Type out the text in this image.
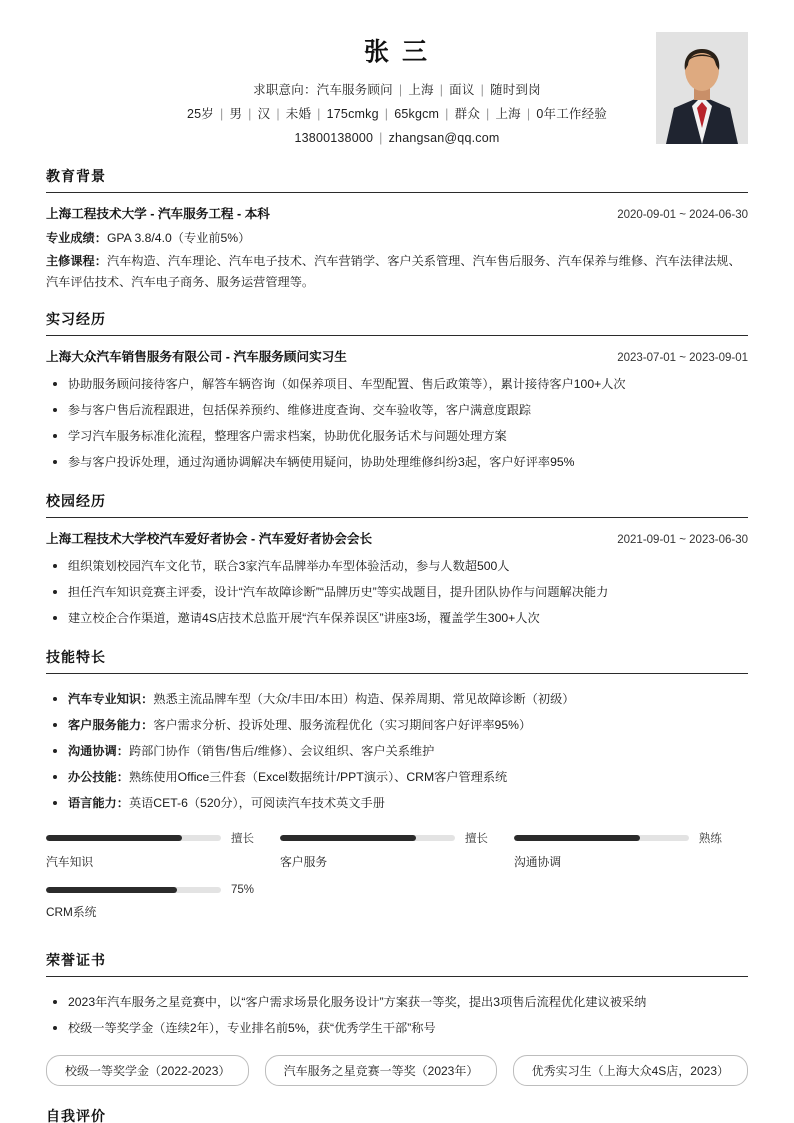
张 三
求职意向：汽车服务顾问 | 上海 | 面议 | 随时到岗
25岁 | 男 | 汉 | 未婚 | 175cmkg | 65kgcm | 群众 | 上海 | 0年工作经验
13800138000 | zhangsan@qq.com
教育背景
上海工程技术大学 - 汽车服务工程 - 本科	2020-09-01 ~ 2024-06-30
专业成绩：GPA 3.8/4.0（专业前5%）
主修课程：汽车构造、汽车理论、汽车电子技术、汽车营销学、客户关系管理、汽车售后服务、汽车保养与维修、汽车法律法规、汽车评估技术、汽车电子商务、服务运营管理等。
实习经历
上海大众汽车销售服务有限公司 - 汽车服务顾问实习生	2023-07-01 ~ 2023-09-01
协助服务顾问接待客户，解答车辆咨询（如保养项目、车型配置、售后政策等），累计接待客户100+人次
参与客户售后流程跟进，包括保养预约、维修进度查询、交车验收等，客户满意度跟踪
学习汽车服务标准化流程，整理客户需求档案，协助优化服务话术与问题处理方案
参与客户投诉处理，通过沟通协调解决车辆使用疑问，协助处理维修纠纷3起，客户好评率95%
校园经历
上海工程技术大学校汽车爱好者协会 - 汽车爱好者协会会长	2021-09-01 ~ 2023-06-30
组织策划校园汽车文化节，联合3家汽车品牌举办车型体验活动，参与人数超500人
担任汽车知识竞赛主评委，设计“汽车故障诊断”“品牌历史”等实战题目，提升团队协作与问题解决能力
建立校企合作渠道，邀请4S店技术总监开展“汽车保养误区”讲座3场，覆盖学生300+人次
技能特长
汽车专业知识：熟悉主流品牌车型（大众/丰田/本田）构造、保养周期、常见故障诊断（初级）
客户服务能力：客户需求分析、投诉处理、服务流程优化（实习期间客户好评率95%）
沟通协调：跨部门协作（销售/售后/维修）、会议组织、客户关系维护
办公技能：熟练使用Office三件套（Excel数据统计/PPT演示）、CRM客户管理系统
语言能力：英语CET-6（520分），可阅读汽车技术英文手册
擅长
汽车知识
擅长
客户服务
熟练
沟通协调
75%
CRM系统
荣誉证书
2023年汽车服务之星竞赛中，以“客户需求场景化服务设计”方案获一等奖，提出3项售后流程优化建议被采纳
校级一等奖学金（连续2年），专业排名前5%，获“优秀学生干部”称号
校级一等奖学金（2022-2023）	汽车服务之星竞赛一等奖（2023年）	优秀实习生（上海大众4S店，2023）
自我评价
